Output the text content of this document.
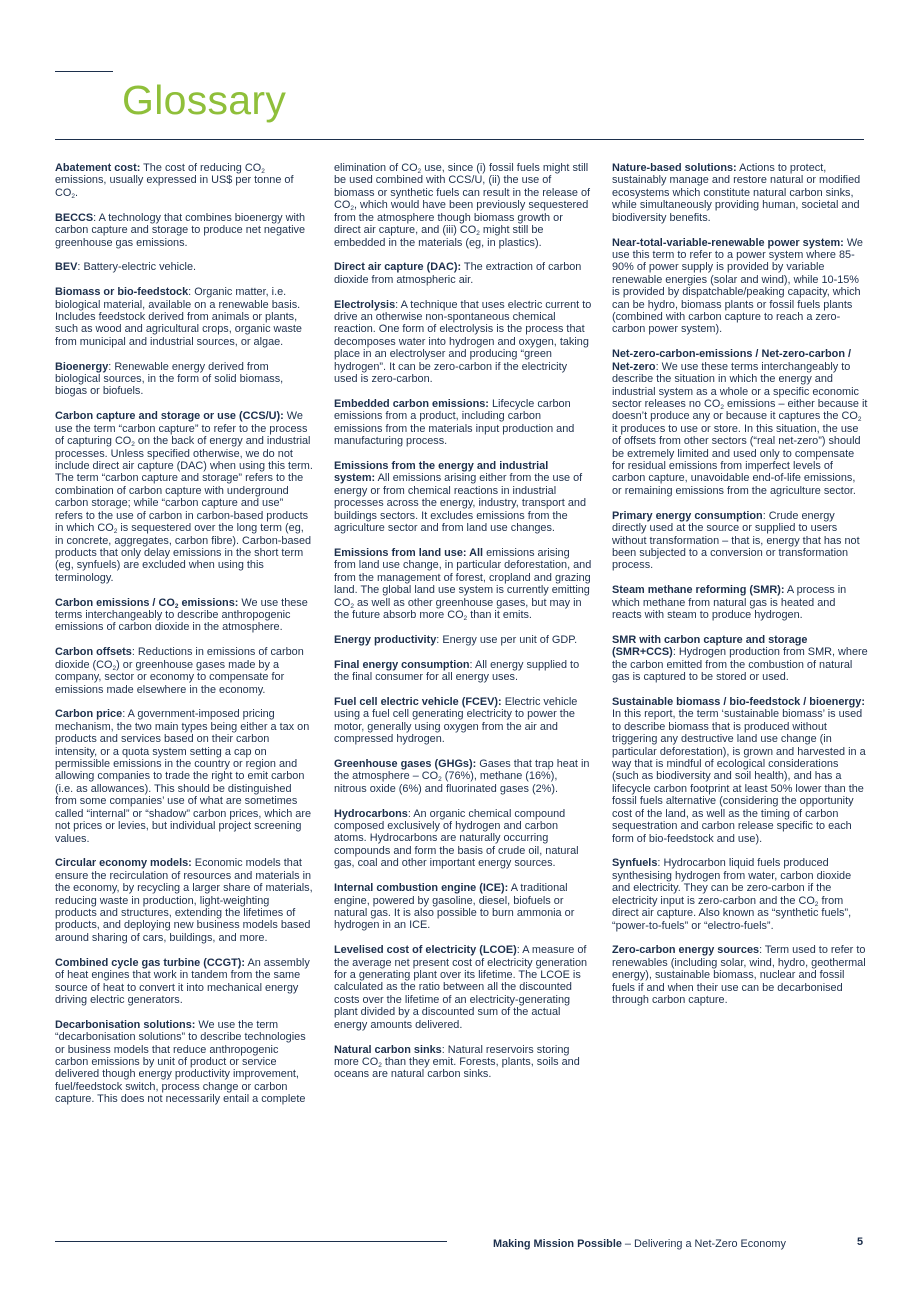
Glossary

Abatement cost: The cost of reducing $CO_2$ emissions, usually expressed in US$ per tonne of $CO_2$.

BECCS: A technology that combines bioenergy with carbon capture and storage to produce net negative greenhouse gas emissions.

BEV: Battery-electric vehicle.

Biomass or bio-feedstock: Organic matter, i.e. biological material, available on a renewable basis. Includes feedstock derived from animals or plants, such as wood and agricultural crops, organic waste from municipal and industrial sources, or algae.

Bioenergy: Renewable energy derived from biological sources, in the form of solid biomass, biogas or biofuels.

Carbon capture and storage or use (CCS/U): We use the term “carbon capture” to refer to the process of capturing $CO_2$ on the back of energy and industrial processes. Unless specified otherwise, we do not include direct air capture (DAC) when using this term. The term “carbon capture and storage” refers to the combination of carbon capture with underground carbon storage; while “carbon capture and use” refers to the use of carbon in carbon-based products in which $CO_2$ is sequestered over the long term (eg, in concrete, aggregates, carbon fibre). Carbon-based products that only delay emissions in the short term (eg, synfuels) are excluded when using this terminology.

Carbon emissions / $CO_2$ emissions: We use these terms interchangeably to describe anthropogenic emissions of carbon dioxide in the atmosphere.

Carbon offsets: Reductions in emissions of carbon dioxide $(CO_2)$ or greenhouse gases made by a company, sector or economy to compensate for emissions made elsewhere in the economy.

Carbon price: A government-imposed pricing mechanism, the two main types being either a tax on products and services based on their carbon intensity, or a quota system setting a cap on permissible emissions in the country or region and allowing companies to trade the right to emit carbon (i.e. as allowances). This should be distinguished from some companies’ use of what are sometimes called “internal” or “shadow” carbon prices, which are not prices or levies, but individual project screening values.

Circular economy models: Economic models that ensure the recirculation of resources and materials in the economy, by recycling a larger share of materials, reducing waste in production, light-weighting products and structures, extending the lifetimes of products, and deploying new business models based around sharing of cars, buildings, and more.

Combined cycle gas turbine (CCGT): An assembly of heat engines that work in tandem from the same source of heat to convert it into mechanical energy driving electric generators.

Decarbonisation solutions: We use the term “decarbonisation solutions” to describe technologies or business models that reduce anthropogenic carbon emissions by unit of product or service delivered though energy productivity improvement, fuel/feedstock switch, process change or carbon capture. This does not necessarily entail a complete

elimination of $CO_2$ use, since (i) fossil fuels might still be used combined with CCS/U, (ii) the use of biomass or synthetic fuels can result in the release of $CO_2$, which would have been previously sequestered from the atmosphere though biomass growth or direct air capture, and (iii) $CO_2$ might still be embedded in the materials (eg, in plastics).

Direct air capture (DAC): The extraction of carbon dioxide from atmospheric air.

Electrolysis: A technique that uses electric current to drive an otherwise non-spontaneous chemical reaction. One form of electrolysis is the process that decomposes water into hydrogen and oxygen, taking place in an electrolyser and producing “green hydrogen”. It can be zero-carbon if the electricity used is zero-carbon.

Embedded carbon emissions: Lifecycle carbon emissions from a product, including carbon emissions from the materials input production and manufacturing process.

Emissions from the energy and industrial system: All emissions arising either from the use of energy or from chemical reactions in industrial processes across the energy, industry, transport and buildings sectors. It excludes emissions from the agriculture sector and from land use changes.

Emissions from land use: All emissions arising from land use change, in particular deforestation, and from the management of forest, cropland and grazing land. The global land use system is currently emitting $CO_2$ as well as other greenhouse gases, but may in the future absorb more $CO_2$ than it emits.

Energy productivity: Energy use per unit of GDP.

Final energy consumption: All energy supplied to the final consumer for all energy uses.

Fuel cell electric vehicle (FCEV): Electric vehicle using a fuel cell generating electricity to power the motor, generally using oxygen from the air and compressed hydrogen.

Greenhouse gases (GHGs): Gases that trap heat in the atmosphere – $CO_2$ (76%), methane (16%), nitrous oxide (6%) and fluorinated gases (2%).

Hydrocarbons: An organic chemical compound composed exclusively of hydrogen and carbon atoms. Hydrocarbons are naturally occurring compounds and form the basis of crude oil, natural gas, coal and other important energy sources.

Internal combustion engine (ICE): A traditional engine, powered by gasoline, diesel, biofuels or natural gas. It is also possible to burn ammonia or hydrogen in an ICE.

Levelised cost of electricity (LCOE): A measure of the average net present cost of electricity generation for a generating plant over its lifetime. The LCOE is calculated as the ratio between all the discounted costs over the lifetime of an electricity-generating plant divided by a discounted sum of the actual energy amounts delivered.

Natural carbon sinks: Natural reservoirs storing more $CO_2$ than they emit. Forests, plants, soils and oceans are natural carbon sinks.

Nature-based solutions: Actions to protect, sustainably manage and restore natural or modified ecosystems which constitute natural carbon sinks, while simultaneously providing human, societal and biodiversity benefits.

Near-total-variable-renewable power system: We use this term to refer to a power system where 85-90% of power supply is provided by variable renewable energies (solar and wind), while 10-15% is provided by dispatchable/peaking capacity, which can be hydro, biomass plants or fossil fuels plants (combined with carbon capture to reach a zero-carbon power system).

Net-zero-carbon-emissions / Net-zero-carbon / Net-zero: We use these terms interchangeably to describe the situation in which the energy and industrial system as a whole or a specific economic sector releases no $CO_2$ emissions – either because it doesn’t produce any or because it captures the $CO_2$ it produces to use or store. In this situation, the use of offsets from other sectors (“real net-zero”) should be extremely limited and used only to compensate for residual emissions from imperfect levels of carbon capture, unavoidable end-of-life emissions, or remaining emissions from the agriculture sector.

Primary energy consumption: Crude energy directly used at the source or supplied to users without transformation – that is, energy that has not been subjected to a conversion or transformation process.

Steam methane reforming (SMR): A process in which methane from natural gas is heated and reacts with steam to produce hydrogen.

SMR with carbon capture and storage (SMR+CCS): Hydrogen production from SMR, where the carbon emitted from the combustion of natural gas is captured to be stored or used.

Sustainable biomass / bio-feedstock / bioenergy: In this report, the term ‘sustainable biomass’ is used to describe biomass that is produced without triggering any destructive land use change (in particular deforestation), is grown and harvested in a way that is mindful of ecological considerations (such as biodiversity and soil health), and has a lifecycle carbon footprint at least 50% lower than the fossil fuels alternative (considering the opportunity cost of the land, as well as the timing of carbon sequestration and carbon release specific to each form of bio-feedstock and use).

Synfuels: Hydrocarbon liquid fuels produced synthesising hydrogen from water, carbon dioxide and electricity. They can be zero-carbon if the electricity input is zero-carbon and the $CO_2$ from direct air capture. Also known as “synthetic fuels”, “power-to-fuels” or “electro-fuels”.

Zero-carbon energy sources: Term used to refer to renewables (including solar, wind, hydro, geothermal energy), sustainable biomass, nuclear and fossil fuels if and when their use can be decarbonised through carbon capture.

Making Mission Possible – Delivering a Net-Zero Economy	5
